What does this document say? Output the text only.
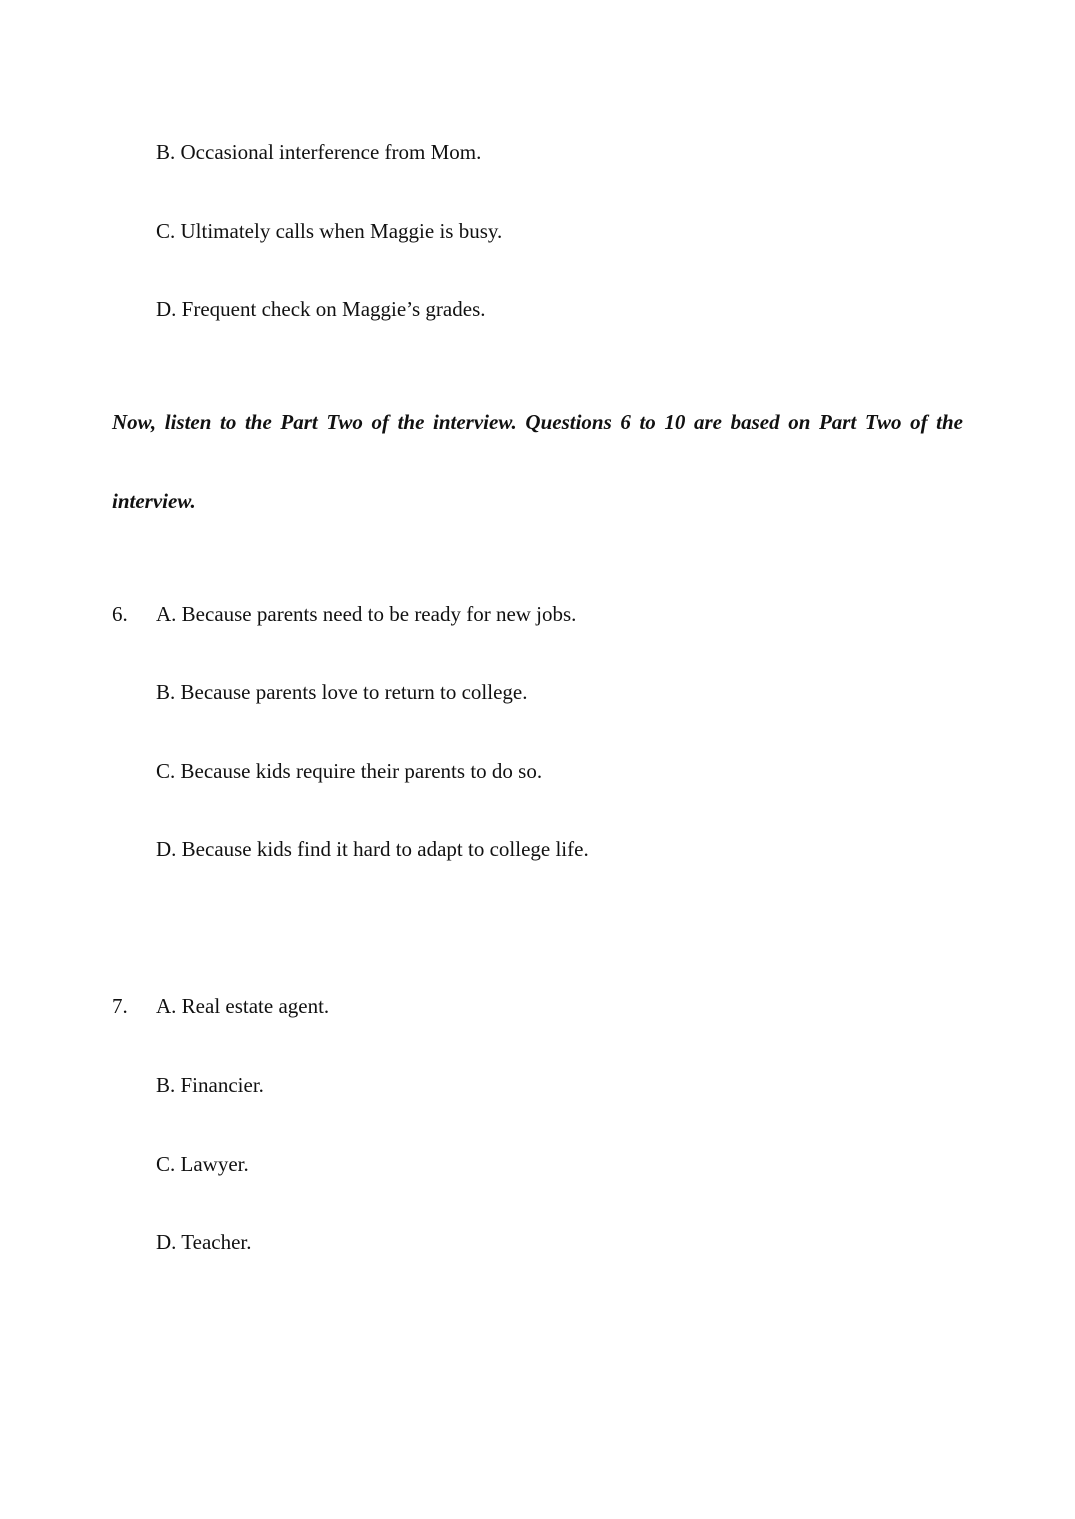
B. Occasional interference from Mom.
C. Ultimately calls when Maggie is busy.
D. Frequent check on Maggie’s grades.
Now, listen to the Part Two of the interview. Questions 6 to 10 are based on Part Two of the
interview.
6. A. Because parents need to be ready for new jobs.
B. Because parents love to return to college.
C. Because kids require their parents to do so.
D. Because kids find it hard to adapt to college life.
7. A. Real estate agent.
B. Financier.
C. Lawyer.
D. Teacher.
